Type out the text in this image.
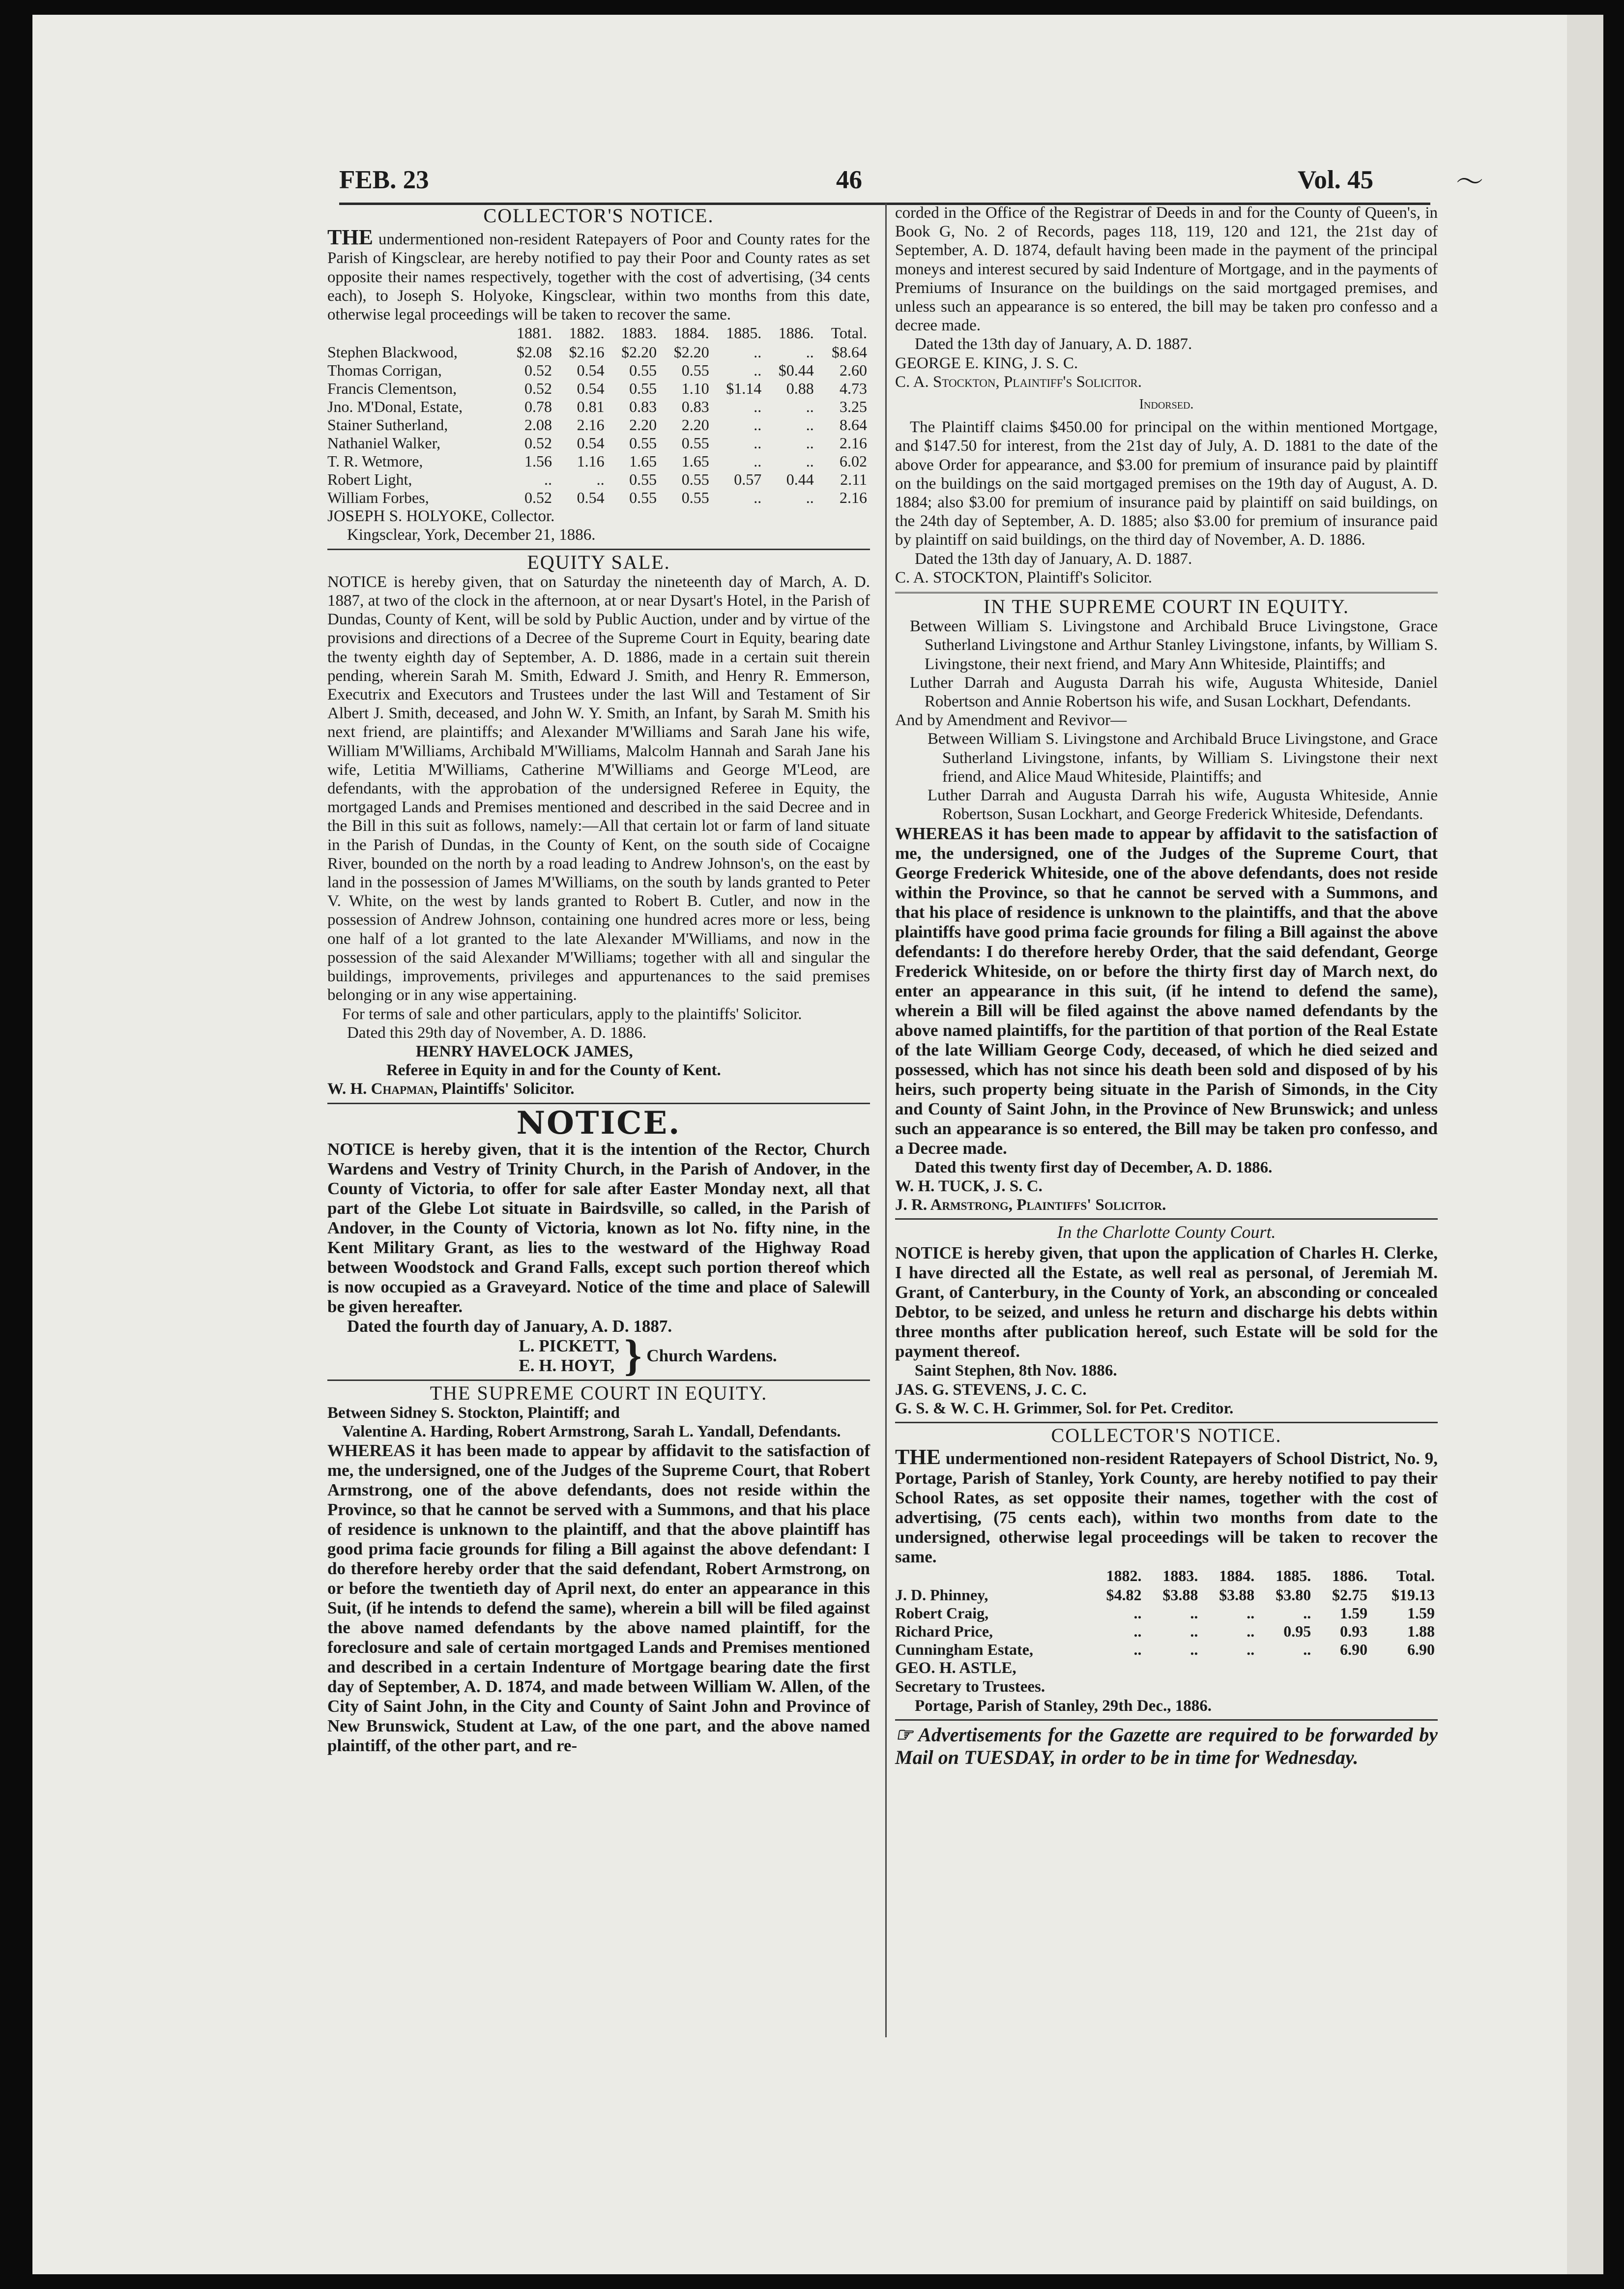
FEB. 23	46	Vol. 45	〜
COLLECTOR'S NOTICE.

THE undermentioned non-resident Ratepayers of Poor and County rates for the Parish of Kingsclear, are hereby notified to pay their Poor and County rates as set opposite their names respectively, together with the cost of advertising, (34 cents each), to Joseph S. Holyoke, Kingsclear, within two months from this date, otherwise legal proceedings will be taken to recover the same.

	1881.	1882.	1883.	1884.	1885.	1886.	Total.
Stephen Blackwood,	$2.08	$2.16	$2.20	$2.20	..	..	$8.64
Thomas Corrigan,	0.52	0.54	0.55	0.55	..	$0.44	2.60
Francis Clementson,	0.52	0.54	0.55	1.10	$1.14	0.88	4.73
Jno. M'Donal, Estate,	0.78	0.81	0.83	0.83	..	..	3.25
Stainer Sutherland,	2.08	2.16	2.20	2.20	..	..	8.64
Nathaniel Walker,	0.52	0.54	0.55	0.55	..	..	2.16
T. R. Wetmore,	1.56	1.16	1.65	1.65	..	..	6.02
Robert Light,	..	..	0.55	0.55	0.57	0.44	2.11
William Forbes,	0.52	0.54	0.55	0.55	..	..	2.16

JOSEPH S. HOLYOKE, Collector.

Kingsclear, York, December 21, 1886.

EQUITY SALE.

NOTICE is hereby given, that on Saturday the nineteenth day of March, A. D. 1887, at two of the clock in the afternoon, at or near Dysart's Hotel, in the Parish of Dundas, County of Kent, will be sold by Public Auction, under and by virtue of the provisions and directions of a Decree of the Supreme Court in Equity, bearing date the twenty eighth day of September, A. D. 1886, made in a certain suit therein pending, wherein Sarah M. Smith, Edward J. Smith, and Henry R. Emmerson, Executrix and Executors and Trustees under the last Will and Testament of Sir Albert J. Smith, deceased, and John W. Y. Smith, an Infant, by Sarah M. Smith his next friend, are plaintiffs; and Alexander M'Williams and Sarah Jane his wife, William M'Williams, Archibald M'Williams, Malcolm Hannah and Sarah Jane his wife, Letitia M'Williams, Catherine M'Williams and George M'Leod, are defendants, with the approbation of the undersigned Referee in Equity, the mortgaged Lands and Premises mentioned and described in the said Decree and in the Bill in this suit as follows, namely:—All that certain lot or farm of land situate in the Parish of Dundas, in the County of Kent, on the south side of Cocaigne River, bounded on the north by a road leading to Andrew Johnson's, on the east by land in the possession of James M'Williams, on the south by lands granted to Peter V. White, on the west by lands granted to Robert B. Cutler, and now in the possession of Andrew Johnson, containing one hundred acres more or less, being one half of a lot granted to the late Alexander M'Williams, and now in the possession of the said Alexander M'Williams; together with all and singular the buildings, improvements, privileges and appurtenances to the said premises belonging or in any wise appertaining.

For terms of sale and other particulars, apply to the plaintiffs' Solicitor.

Dated this 29th day of November, A. D. 1886.

HENRY HAVELOCK JAMES,

Referee in Equity in and for the County of Kent.

W. H. Chapman, Plaintiffs' Solicitor.

NOTICE.

NOTICE is hereby given, that it is the intention of the Rector, Church Wardens and Vestry of Trinity Church, in the Parish of Andover, in the County of Victoria, to offer for sale after Easter Monday next, all that part of the Glebe Lot situate in Bairdsville, so called, in the Parish of Andover, in the County of Victoria, known as lot No. fifty nine, in the Kent Military Grant, as lies to the westward of the Highway Road between Woodstock and Grand Falls, except such portion thereof which is now occupied as a Graveyard. Notice of the time and place of Salewill be given hereafter.

Dated the fourth day of January, A. D. 1887.

L. PICKETT,
E. H. HOYT, } Church Wardens.
THE SUPREME COURT IN EQUITY.

Between Sidney S. Stockton, Plaintiff; and

Valentine A. Harding, Robert Armstrong, Sarah L. Yandall, Defendants.

WHEREAS it has been made to appear by affidavit to the satisfaction of me, the undersigned, one of the Judges of the Supreme Court, that Robert Armstrong, one of the above defendants, does not reside within the Province, so that he cannot be served with a Summons, and that his place of residence is unknown to the plaintiff, and that the above plaintiff has good prima facie grounds for filing a Bill against the above defendant: I do therefore hereby order that the said defendant, Robert Armstrong, on or before the twentieth day of April next, do enter an appearance in this Suit, (if he intends to defend the same), wherein a bill will be filed against the above named defendants by the above named plaintiff, for the foreclosure and sale of certain mortgaged Lands and Premises mentioned and described in a certain Indenture of Mortgage bearing date the first day of September, A. D. 1874, and made between William W. Allen, of the City of Saint John, in the City and County of Saint John and Province of New Brunswick, Student at Law, of the one part, and the above named plaintiff, of the other part, and re-

corded in the Office of the Registrar of Deeds in and for the County of Queen's, in Book G, No. 2 of Records, pages 118, 119, 120 and 121, the 21st day of September, A. D. 1874, default having been made in the payment of the principal moneys and interest secured by said Indenture of Mortgage, and in the payments of Premiums of Insurance on the buildings on the said mortgaged premises, and unless such an appearance is so entered, the bill may be taken pro confesso and a decree made.

Dated the 13th day of January, A. D. 1887.

GEORGE E. KING, J. S. C.

C. A. Stockton, Plaintiff's Solicitor.

Indorsed.

The Plaintiff claims $450.00 for principal on the within mentioned Mortgage, and $147.50 for interest, from the 21st day of July, A. D. 1881 to the date of the above Order for appearance, and $3.00 for premium of insurance paid by plaintiff on the buildings on the said mortgaged premises on the 19th day of August, A. D. 1884; also $3.00 for premium of insurance paid by plaintiff on said buildings, on the 24th day of September, A. D. 1885; also $3.00 for premium of insurance paid by plaintiff on said buildings, on the third day of November, A. D. 1886.

Dated the 13th day of January, A. D. 1887.

C. A. STOCKTON, Plaintiff's Solicitor.

IN THE SUPREME COURT IN EQUITY.

Between William S. Livingstone and Archibald Bruce Livingstone, Grace Sutherland Livingstone and Arthur Stanley Livingstone, infants, by William S. Livingstone, their next friend, and Mary Ann Whiteside, Plaintiffs; and

Luther Darrah and Augusta Darrah his wife, Augusta Whiteside, Daniel Robertson and Annie Robertson his wife, and Susan Lockhart, Defendants.

And by Amendment and Revivor—

Between William S. Livingstone and Archibald Bruce Livingstone, and Grace Sutherland Livingstone, infants, by William S. Livingstone their next friend, and Alice Maud Whiteside, Plaintiffs; and

Luther Darrah and Augusta Darrah his wife, Augusta Whiteside, Annie Robertson, Susan Lockhart, and George Frederick Whiteside, Defendants.

WHEREAS it has been made to appear by affidavit to the satisfaction of me, the undersigned, one of the Judges of the Supreme Court, that George Frederick Whiteside, one of the above defendants, does not reside within the Province, so that he cannot be served with a Summons, and that his place of residence is unknown to the plaintiffs, and that the above plaintiffs have good prima facie grounds for filing a Bill against the above defendants: I do therefore hereby Order, that the said defendant, George Frederick Whiteside, on or before the thirty first day of March next, do enter an appearance in this suit, (if he intend to defend the same), wherein a Bill will be filed against the above named defendants by the above named plaintiffs, for the partition of that portion of the Real Estate of the late William George Cody, deceased, of which he died seized and possessed, which has not since his death been sold and disposed of by his heirs, such property being situate in the Parish of Simonds, in the City and County of Saint John, in the Province of New Brunswick; and unless such an appearance is so entered, the Bill may be taken pro confesso, and a Decree made.

Dated this twenty first day of December, A. D. 1886.

W. H. TUCK, J. S. C.

J. R. Armstrong, Plaintiffs' Solicitor.

In the Charlotte County Court.

NOTICE is hereby given, that upon the application of Charles H. Clerke, I have directed all the Estate, as well real as personal, of Jeremiah M. Grant, of Canterbury, in the County of York, an absconding or concealed Debtor, to be seized, and unless he return and discharge his debts within three months after publication hereof, such Estate will be sold for the payment thereof.

Saint Stephen, 8th Nov. 1886.

JAS. G. STEVENS, J. C. C.

G. S. & W. C. H. Grimmer, Sol. for Pet. Creditor.

COLLECTOR'S NOTICE.

THE undermentioned non-resident Ratepayers of School District, No. 9, Portage, Parish of Stanley, York County, are hereby notified to pay their School Rates, as set opposite their names, together with the cost of advertising, (75 cents each), within two months from date to the undersigned, otherwise legal proceedings will be taken to recover the same.

	1882.	1883.	1884.	1885.	1886.	Total.
J. D. Phinney,	$4.82	$3.88	$3.88	$3.80	$2.75	$19.13
Robert Craig,	..	..	..	..	1.59	1.59
Richard Price,	..	..	..	0.95	0.93	1.88
Cunningham Estate,	..	..	..	..	6.90	6.90

GEO. H. ASTLE,

Secretary to Trustees.

Portage, Parish of Stanley, 29th Dec., 1886.

☞ Advertisements for the Gazette are required to be forwarded by Mail on TUESDAY, in order to be in time for Wednesday.
